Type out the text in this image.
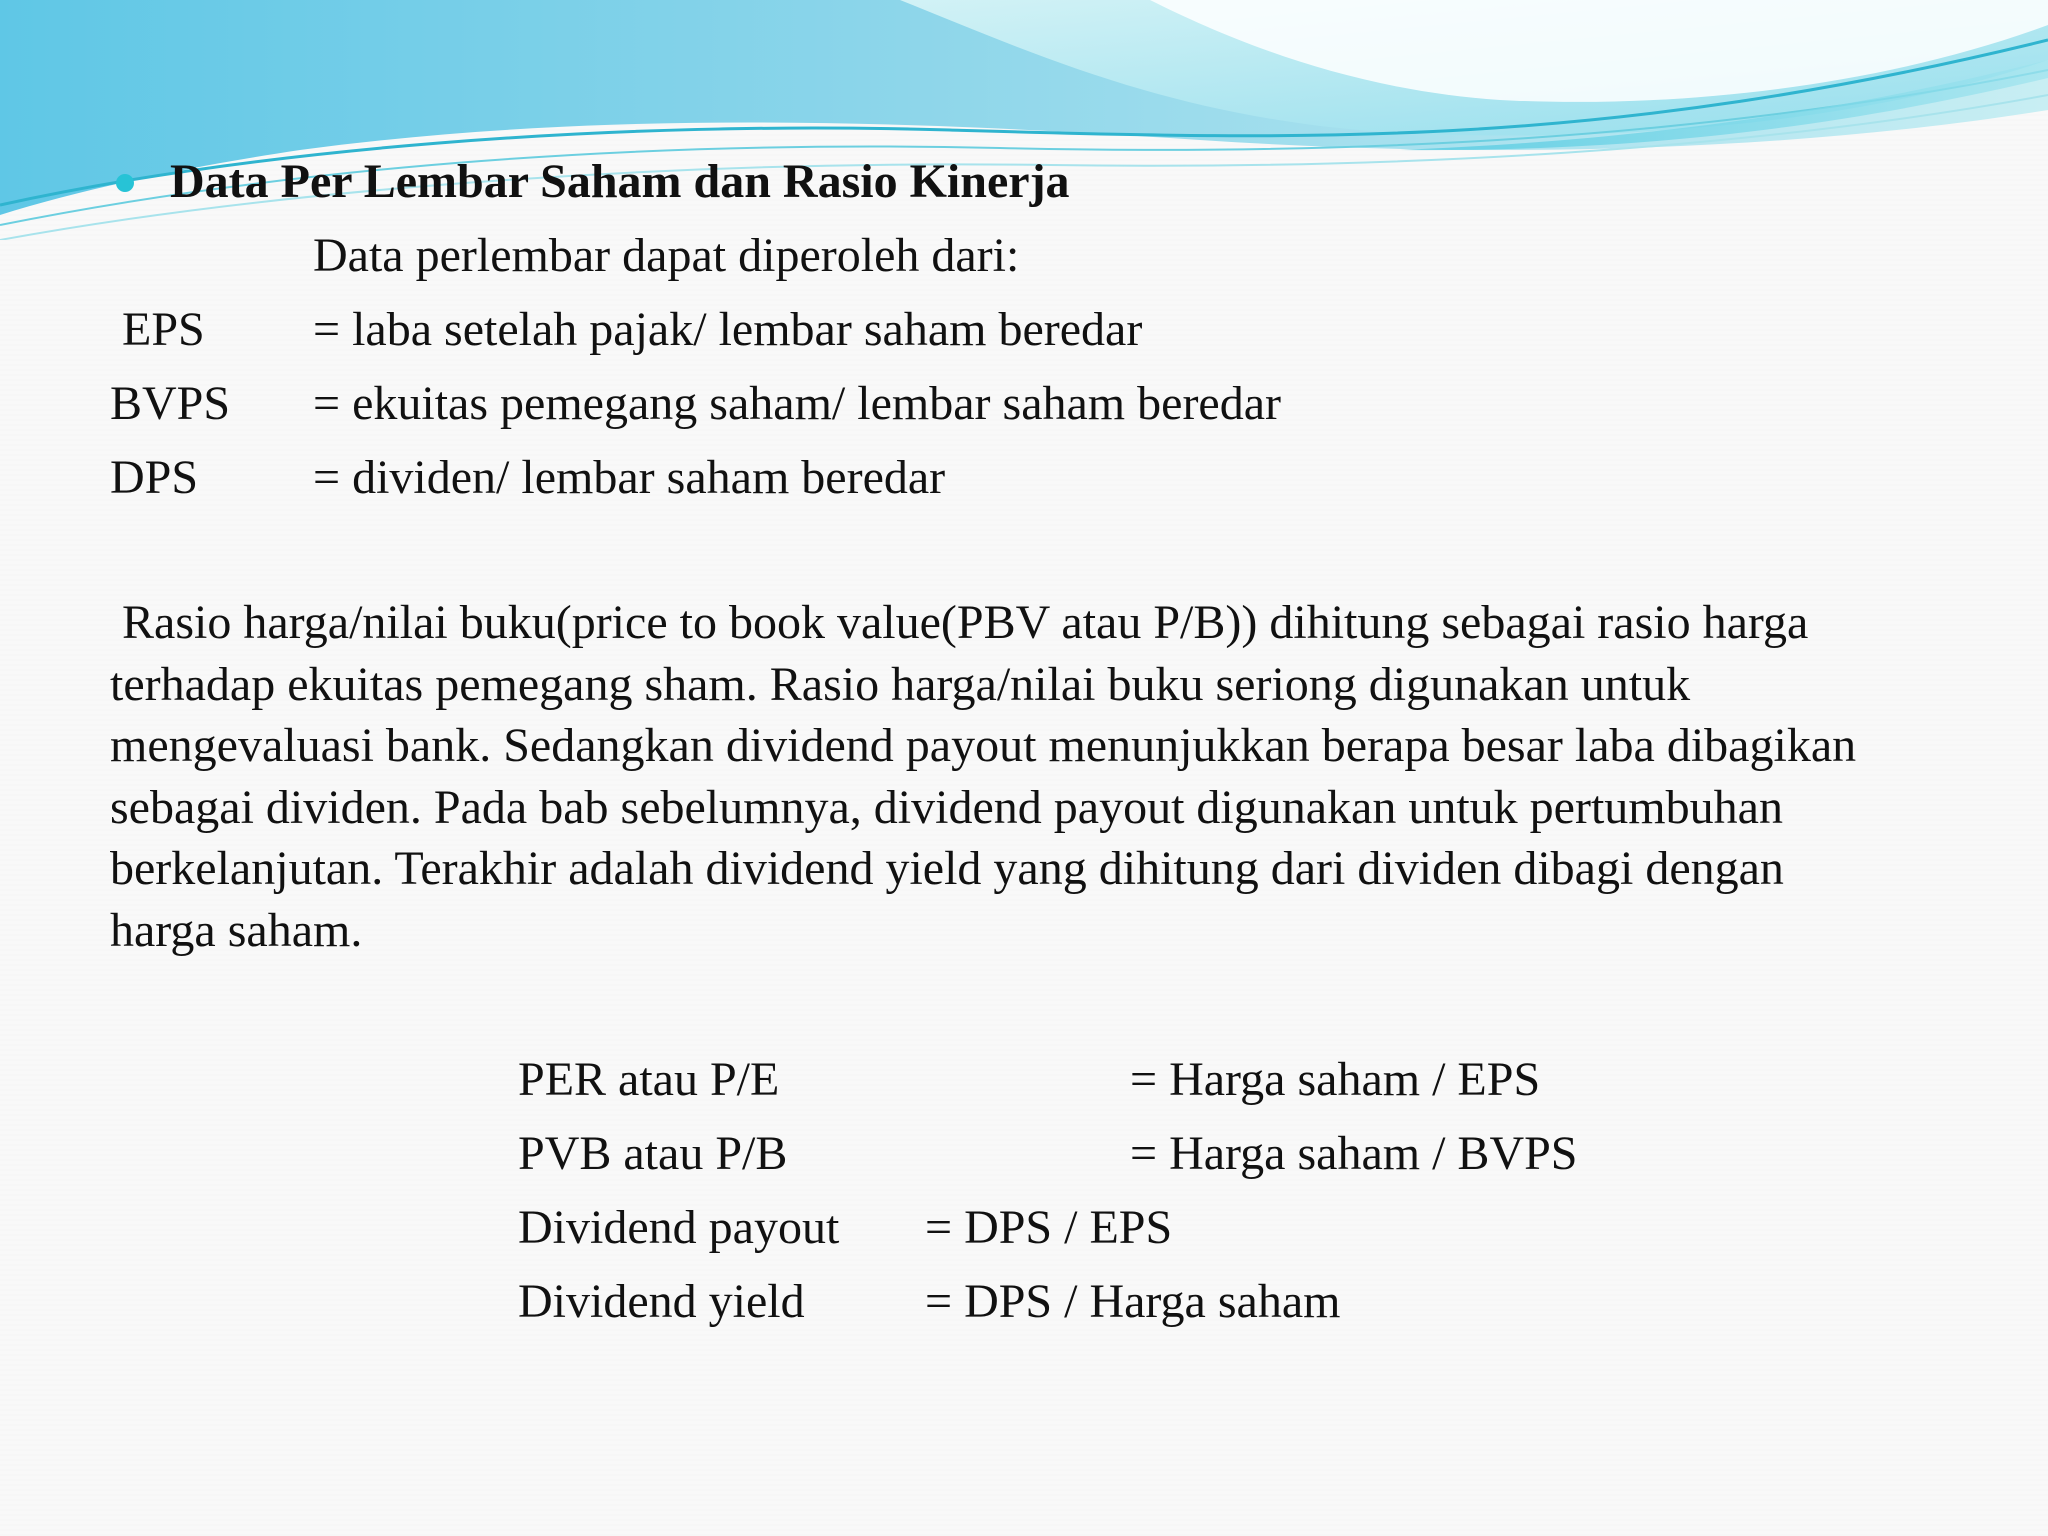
Data Per Lembar Saham dan Rasio Kinerja
Data perlembar dapat diperoleh dari:
EPS = laba setelah pajak/ lembar saham beredar
BVPS = ekuitas pemegang saham/ lembar saham beredar
DPS = dividen/ lembar saham beredar
Rasio harga/nilai buku(price to book value(PBV atau P/B)) dihitung sebagai rasio harga
terhadap ekuitas pemegang sham. Rasio harga/nilai buku seriong digunakan untuk
mengevaluasi bank. Sedangkan dividend payout menunjukkan berapa besar laba dibagikan
sebagai dividen. Pada bab sebelumnya, dividend payout digunakan untuk pertumbuhan
berkelanjutan. Terakhir adalah dividend yield yang dihitung dari dividen dibagi dengan
harga saham.
PER atau P/E	= Harga saham / EPS
PVB atau P/B	= Harga saham / BVPS
Dividend payout = DPS / EPS
Dividend yield	= DPS / Harga saham
